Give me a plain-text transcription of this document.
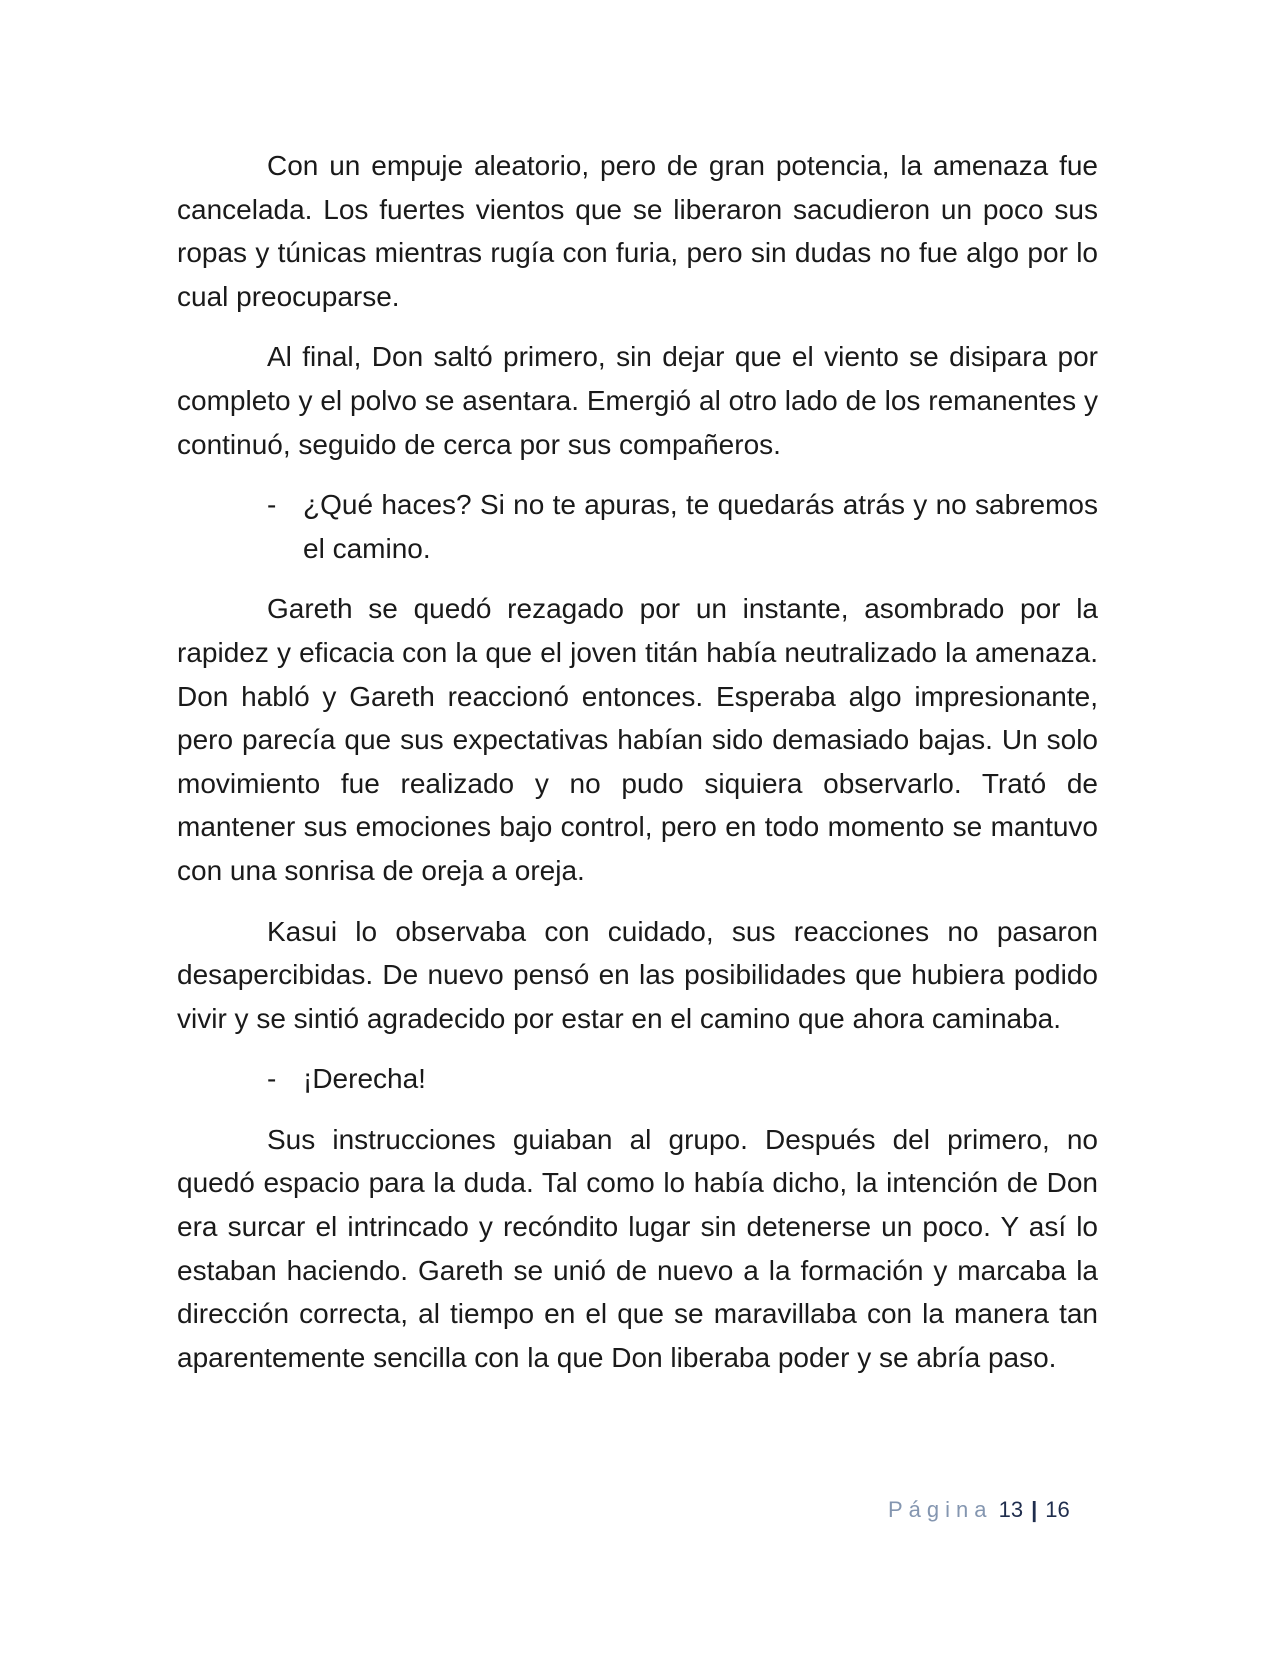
Con un empuje aleatorio, pero de gran potencia, la amenaza fue cancelada. Los fuertes vientos que se liberaron sacudieron un poco sus ropas y túnicas mientras rugía con furia, pero sin dudas no fue algo por lo cual preocuparse.

Al final, Don saltó primero, sin dejar que el viento se disipara por completo y el polvo se asentara. Emergió al otro lado de los remanentes y continuó, seguido de cerca por sus compañeros.

- ¿Qué haces? Si no te apuras, te quedarás atrás y no sabremos el camino.

Gareth se quedó rezagado por un instante, asombrado por la rapidez y eficacia con la que el joven titán había neutralizado la amenaza. Don habló y Gareth reaccionó entonces. Esperaba algo impresionante, pero parecía que sus expectativas habían sido demasiado bajas. Un solo movimiento fue realizado y no pudo siquiera observarlo. Trató de mantener sus emociones bajo control, pero en todo momento se mantuvo con una sonrisa de oreja a oreja.

Kasui lo observaba con cuidado, sus reacciones no pasaron desapercibidas. De nuevo pensó en las posibilidades que hubiera podido vivir y se sintió agradecido por estar en el camino que ahora caminaba.

- ¡Derecha!

Sus instrucciones guiaban al grupo. Después del primero, no quedó espacio para la duda. Tal como lo había dicho, la intención de Don era surcar el intrincado y recóndito lugar sin detenerse un poco. Y así lo estaban haciendo. Gareth se unió de nuevo a la formación y marcaba la dirección correcta, al tiempo en el que se maravillaba con la manera tan aparentemente sencilla con la que Don liberaba poder y se abría paso.

Página 13 | 16
